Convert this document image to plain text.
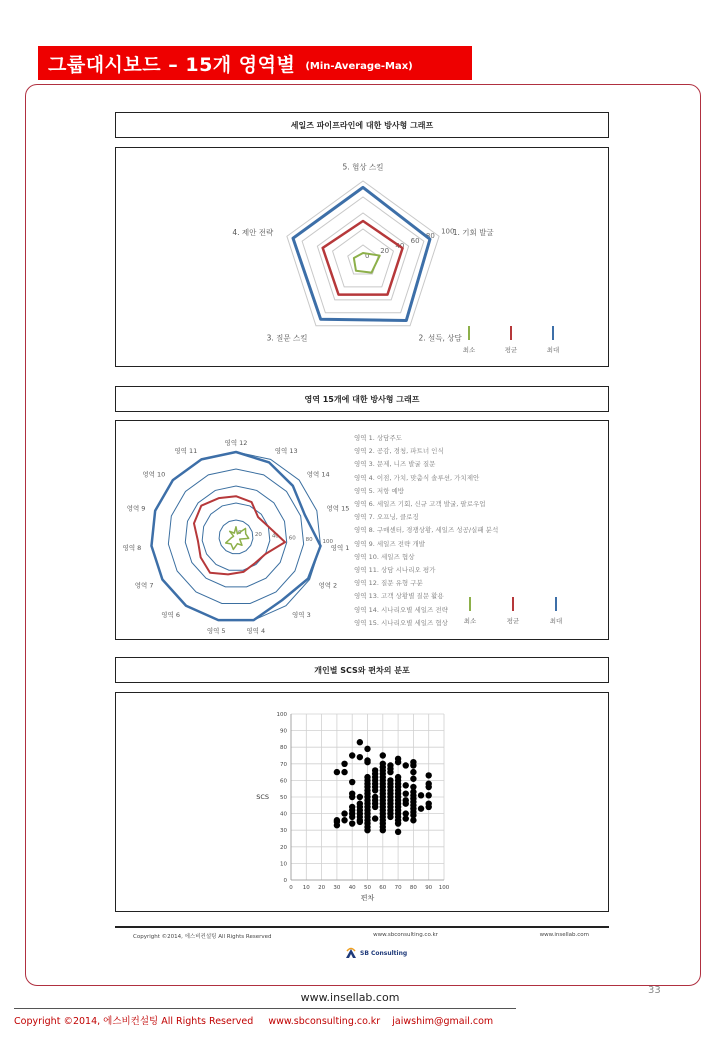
그룹대시보드 – 15개 영역별 (Min-Average-Max)
세일즈 파이프라인에 대한 방사형 그래프
0
20
40
60
80
100
1. 기회 발굴
2. 설득, 상담
3. 질문 스킬
4. 제안 전략
5. 협상 스킬
최소	평균	최대
영역 15개에 대한 방사형 그래프
0 20 40 60 80 100
영역 1
영역 2
영역 3
영역 4
영역 5
영역 6
영역 7
영역 8
영역 9
영역 10
영역 11
영역 12
영역 13
영역 14
영역 15
최소	평균	최대
영역 1. 상담주도
영역 2. 공감, 경청, 파트너 인식
영역 3. 문제, 니즈 발굴 질문
영역 4. 이점, 가치, 맞춤식 솔루션, 가치제안
영역 5. 저항 예방
영역 6. 세일즈 기회, 신규 고객 발굴, 팔로우업
영역 7. 오프닝, 클로징
영역 8. 구매센터, 경쟁상황, 세일즈 성공/실패 분석
영역 9. 세일즈 전략 개발
영역 10. 세일즈 협상
영역 11. 상담 시나리오 평가
영역 12. 질문 유형 구분
영역 13. 고객 상황별 질문 활용
영역 14. 시나리오별 세일즈 전략
영역 15. 시나리오별 세일즈 협상
개인별 SCS와 편차의 분포
0 10 20 30 40 50 60 70 80 90 100
0
10
20
30
40
50
60
70
80
90
100
편차
SCS
Copyright ©2014, 에스비컨설팅 All Rights Reserved	www.sbconsulting.co.kr	www.insellab.com
SB Consulting
33
www.insellab.com
Copyright ©2014, 에스비컨설팅 All Rights Reserved     www.sbconsulting.co.kr    jaiwshim@gmail.com
